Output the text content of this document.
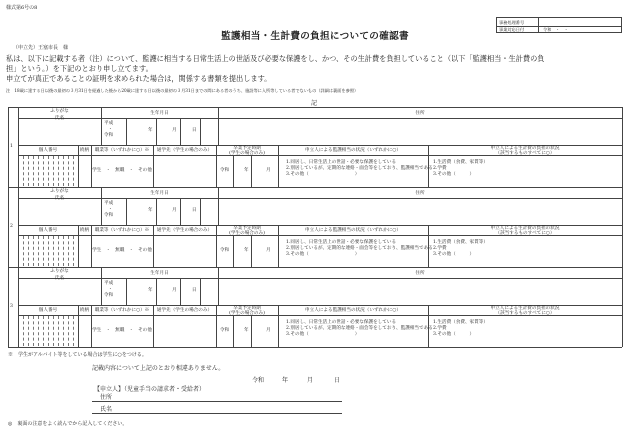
様式第6号の8
事務処理番号
事業対応日付	令和　・　・
監護相当・生計費の負担についての確認書
（申立先）王塞市長　様
私は、以下に記載する者（注）について、監護に相当する日常生活上の世話及び必要な保護をし、かつ、その生計費を負担していること（以下「監護相当・生計費の負
担」という。）を下記のとおり申し立てます。
申立てが真正であることの証明を求められた場合は，関係する書類を提出します。
注　18歳に達する日以後の最初の３月31日を経過した後から20歳に達する日以後の最初の３月31日までの間にある者のうち、施設等に入所等している者でないもの（詳細は裏面を参照）
記
1
ふりがな
氏名
生年月日
平成
・
令和
年	月	日
住所
個人番号	続柄	職業等（いずれかに○）※
学生　・　無職　・　その他
通学先（学生の場合のみ）	卒業予定時期
(学生の場合のみ)
令和	年	月
申立人による監護相当の状況（いずれかに○）
1.同居し、日常生活上の世話・必要な保護をしている
2.別居しているが、定期的な連絡・面会等をしており、監護相当である
3.その他（　　　　　　　　　　）
申立人による生計費の負担の状況
（該当するものすべてに○）
1.生活費（食費、家賃等）
2.学費
3.その他（　　　）
2
ふりがな
氏名
生年月日
平成
・
令和
年	月	日
住所
個人番号	続柄	職業等（いずれかに○）※
学生　・　無職　・　その他
通学先（学生の場合のみ）	卒業予定時期
(学生の場合のみ)
令和	年	月
申立人による監護相当の状況（いずれかに○）
1.同居し、日常生活上の世話・必要な保護をしている
2.別居しているが、定期的な連絡・面会等をしており、監護相当である
3.その他（　　　　　　　　　　）
申立人による生計費の負担の状況
（該当するものすべてに○）
1.生活費（食費、家賃等）
2.学費
3.その他（　　　）
3
ふりがな
氏名
生年月日
平成
・
令和
年	月	日
住所
個人番号	続柄	職業等（いずれかに○）※
学生　・　無職　・　その他
通学先（学生の場合のみ）	卒業予定時期
(学生の場合のみ)
令和	年	月
申立人による監護相当の状況（いずれかに○）
1.同居し、日常生活上の世話・必要な保護をしている
2.別居しているが、定期的な連絡・面会等をしており、監護相当である
3.その他（　　　　　　　　　　）
申立人による生計費の負担の状況
（該当するものすべてに○）
1.生活費（食費、家賃等）
2.学費
3.その他（　　　）
※　学生がアルバイト等をしている場合は学生に○をつける。
記載内容について上記のとおり相違ありません。
令和	年	月	日
【申立人】（児童手当の請求者・受給者）
住所
氏名
◎　裏面の注意をよく読んでから記入してください。
